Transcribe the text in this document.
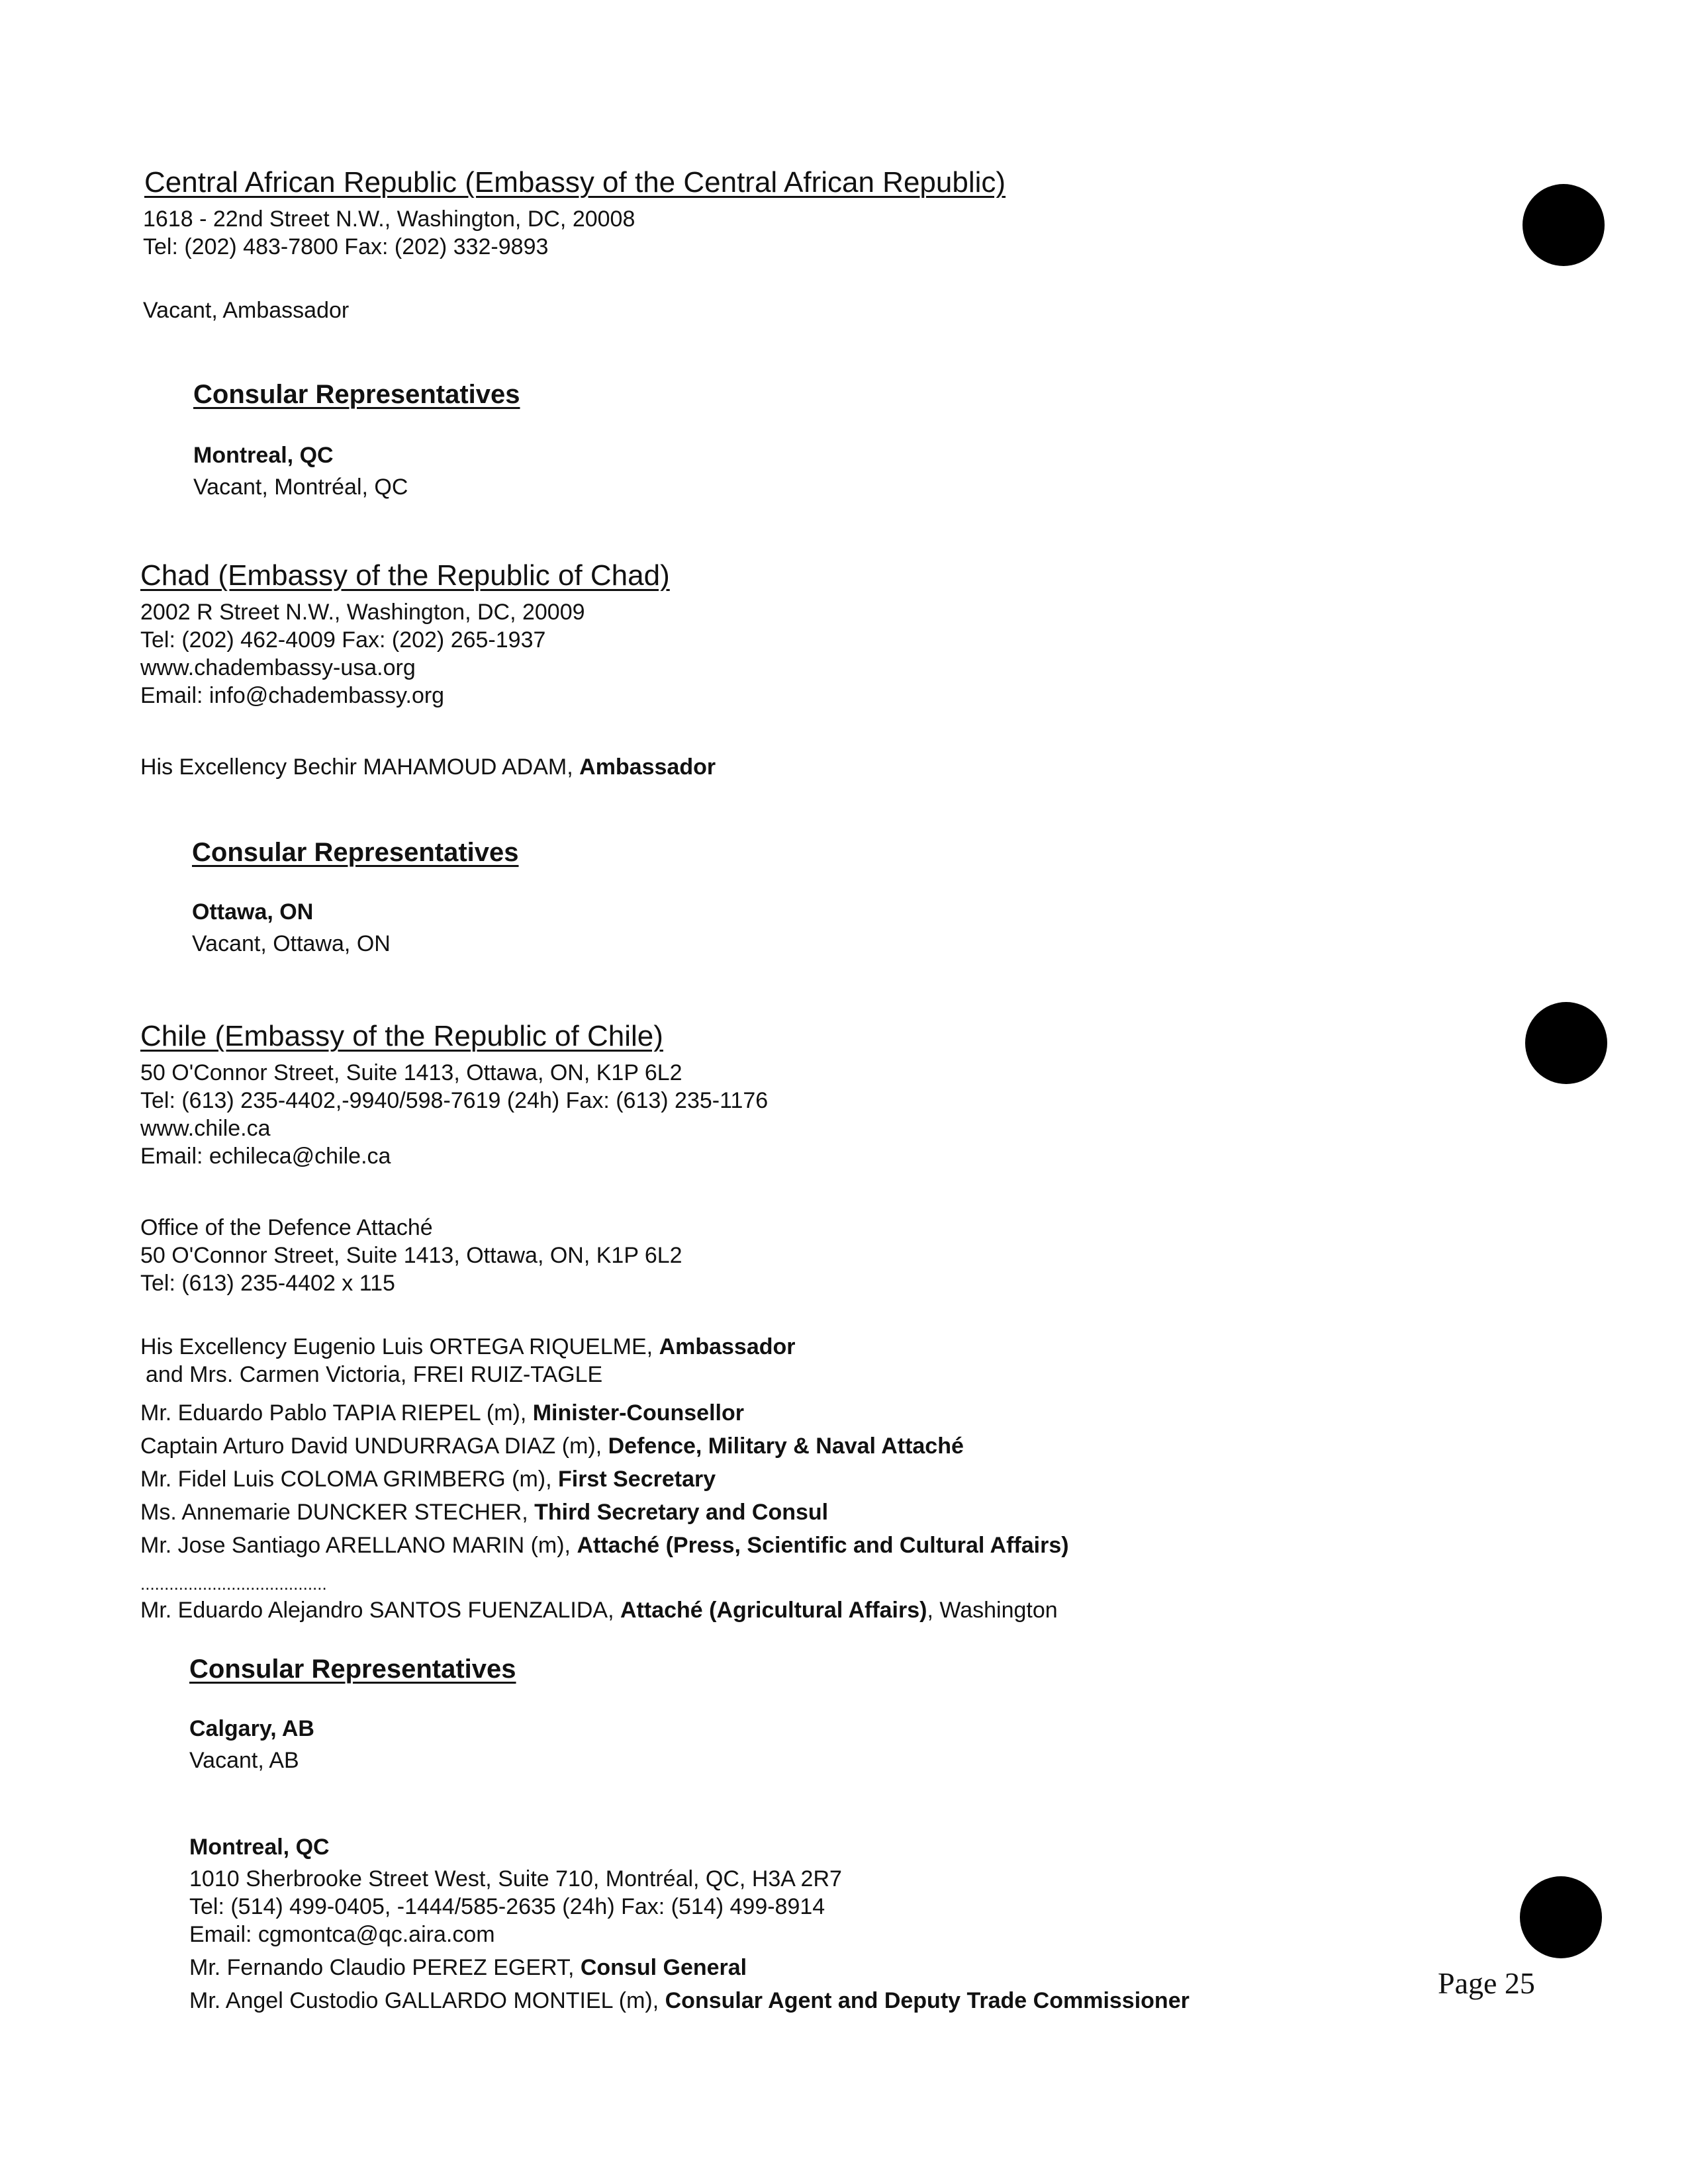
Central African Republic (Embassy of the Central African Republic)
1618 - 22nd Street N.W., Washington, DC, 20008
Tel: (202) 483-7800 Fax: (202) 332-9893
Vacant, Ambassador
Consular Representatives
Montreal, QC
Vacant, Montréal, QC
Chad (Embassy of the Republic of Chad)
2002 R Street N.W., Washington, DC, 20009
Tel: (202) 462-4009 Fax: (202) 265-1937
www.chadembassy-usa.org
Email: info@chadembassy.org
His Excellency Bechir MAHAMOUD ADAM, Ambassador
Consular Representatives
Ottawa, ON
Vacant, Ottawa, ON
Chile (Embassy of the Republic of Chile)
50 O'Connor Street, Suite 1413, Ottawa, ON, K1P 6L2
Tel: (613) 235-4402,-9940/598-7619 (24h) Fax: (613) 235-1176
www.chile.ca
Email: echileca@chile.ca
Office of the Defence Attaché
50 O'Connor Street, Suite 1413, Ottawa, ON, K1P 6L2
Tel: (613) 235-4402 x 115
His Excellency Eugenio Luis ORTEGA RIQUELME, Ambassador
and Mrs. Carmen Victoria, FREI RUIZ-TAGLE
Mr. Eduardo Pablo TAPIA RIEPEL (m), Minister-Counsellor
Captain Arturo David UNDURRAGA DIAZ (m), Defence, Military & Naval Attaché
Mr. Fidel Luis COLOMA GRIMBERG (m), First Secretary
Ms. Annemarie DUNCKER STECHER, Third Secretary and Consul
Mr. Jose Santiago ARELLANO MARIN (m), Attaché (Press, Scientific and Cultural Affairs)
.......................................
Mr. Eduardo Alejandro SANTOS FUENZALIDA, Attaché (Agricultural Affairs), Washington
Consular Representatives
Calgary, AB
Vacant, AB
Montreal, QC
1010 Sherbrooke Street West, Suite 710, Montréal, QC, H3A 2R7
Tel: (514) 499-0405, -1444/585-2635 (24h) Fax: (514) 499-8914
Email: cgmontca@qc.aira.com
Mr. Fernando Claudio PEREZ EGERT, Consul General
Mr. Angel Custodio GALLARDO MONTIEL (m), Consular Agent and Deputy Trade Commissioner
Page 25
